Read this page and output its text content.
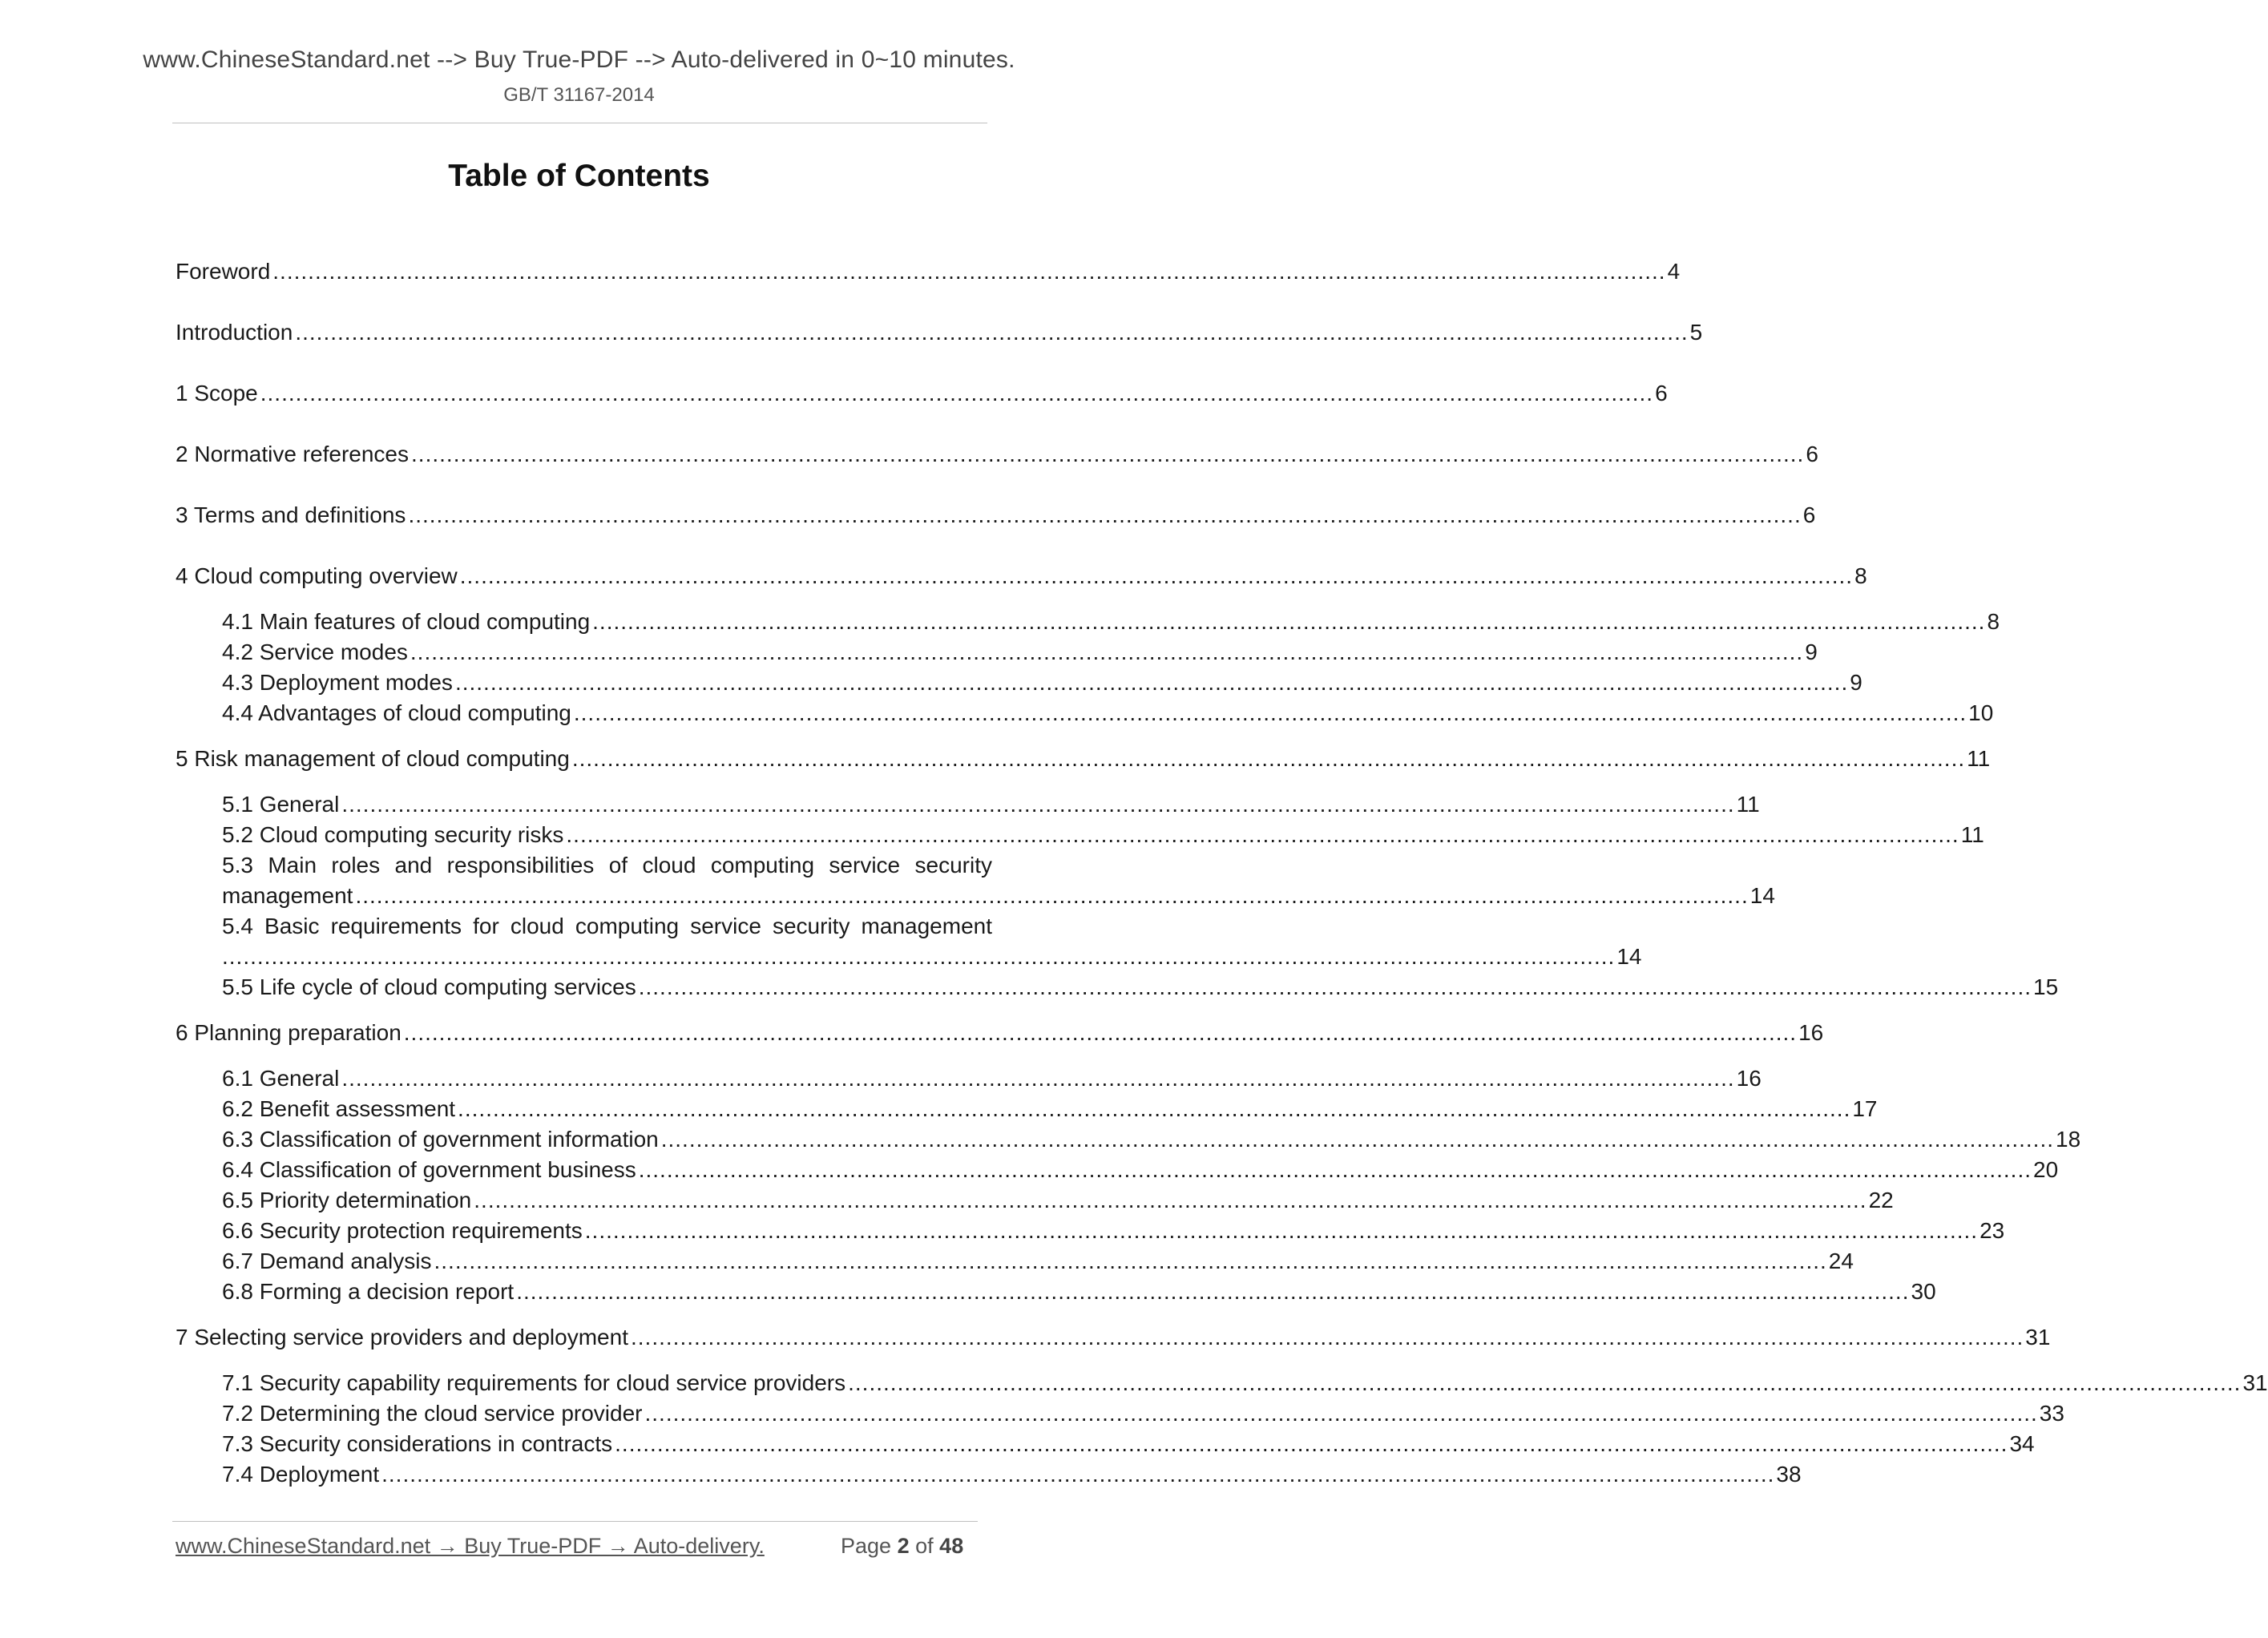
www.ChineseStandard.net --> Buy True-PDF --> Auto-delivered in 0~10 minutes.
GB/T 31167-2014
Table of Contents
Foreword ...................................................................................................................................................................................................... 4
Introduction ...................................................................................................................................................................................................... 5
1 Scope ...................................................................................................................................................................................................... 6
2 Normative references ...................................................................................................................................................................................................... 6
3 Terms and definitions ...................................................................................................................................................................................................... 6
4 Cloud computing overview ...................................................................................................................................................................................................... 8
4.1 Main features of cloud computing ...................................................................................................................................................................................................... 8
4.2 Service modes ...................................................................................................................................................................................................... 9
4.3 Deployment modes ...................................................................................................................................................................................................... 9
4.4 Advantages of cloud computing ...................................................................................................................................................................................................... 10
5 Risk management of cloud computing ...................................................................................................................................................................................................... 11
5.1 General ...................................................................................................................................................................................................... 11
5.2 Cloud computing security risks ...................................................................................................................................................................................................... 11
5.3 Main roles and responsibilities of cloud computing service security
management ...................................................................................................................................................................................................... 14
5.4 Basic requirements for cloud computing service security management
...................................................................................................................................................................................................... 14
5.5 Life cycle of cloud computing services ...................................................................................................................................................................................................... 15
6 Planning preparation ...................................................................................................................................................................................................... 16
6.1 General ...................................................................................................................................................................................................... 16
6.2 Benefit assessment ...................................................................................................................................................................................................... 17
6.3 Classification of government information ...................................................................................................................................................................................................... 18
6.4 Classification of government business ...................................................................................................................................................................................................... 20
6.5 Priority determination ...................................................................................................................................................................................................... 22
6.6 Security protection requirements ...................................................................................................................................................................................................... 23
6.7 Demand analysis ...................................................................................................................................................................................................... 24
6.8 Forming a decision report ...................................................................................................................................................................................................... 30
7 Selecting service providers and deployment ...................................................................................................................................................................................................... 31
7.1 Security capability requirements for cloud service providers ...................................................................................................................................................................................................... 31
7.2 Determining the cloud service provider ...................................................................................................................................................................................................... 33
7.3 Security considerations in contracts ...................................................................................................................................................................................................... 34
7.4 Deployment ...................................................................................................................................................................................................... 38
www.ChineseStandard.net → Buy True-PDF → Auto-delivery.	Page 2 of 48
